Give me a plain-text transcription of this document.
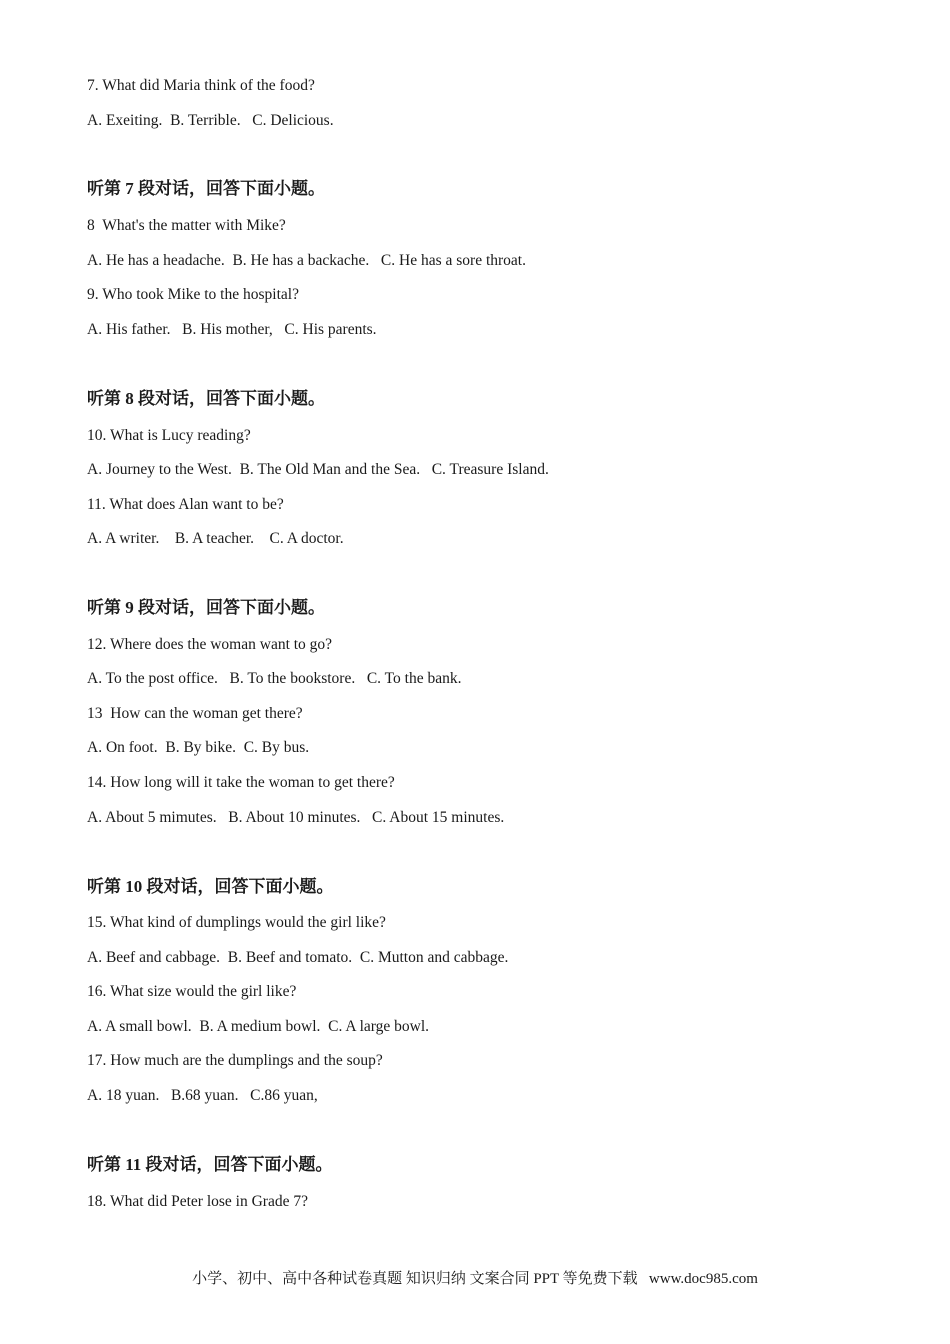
7. What did Maria think of the food?
A. Exeiting.  B. Terrible.   C. Delicious.
听第 7 段对话，回答下面小题。
8  What's the matter with Mike?
A. He has a headache.  B. He has a backache.   C. He has a sore throat.
9. Who took Mike to the hospital?
A. His father.   B. His mother,   C. His parents.
听第 8 段对话，回答下面小题。
10. What is Lucy reading?
A. Journey to the West.  B. The Old Man and the Sea.   C. Treasure Island.
11. What does Alan want to be?
A. A writer.    B. A teacher.    C. A doctor.
听第 9 段对话，回答下面小题。
12. Where does the woman want to go?
A. To the post office.   B. To the bookstore.   C. To the bank.
13  How can the woman get there?
A. On foot.  B. By bike.  C. By bus.
14. How long will it take the woman to get there?
A. About 5 mimutes.   B. About 10 minutes.   C. About 15 minutes.
听第 10 段对话，回答下面小题。
15. What kind of dumplings would the girl like?
A. Beef and cabbage.  B. Beef and tomato.  C. Mutton and cabbage.
16. What size would the girl like?
A. A small bowl.  B. A medium bowl.  C. A large bowl.
17. How much are the dumplings and the soup?
A. 18 yuan.   B.68 yuan.   C.86 yuan,
听第 11 段对话，回答下面小题。
18. What did Peter lose in Grade 7?
小学、初中、高中各种试卷真题 知识归纳 文案合同 PPT 等免费下载   www.doc985.com
